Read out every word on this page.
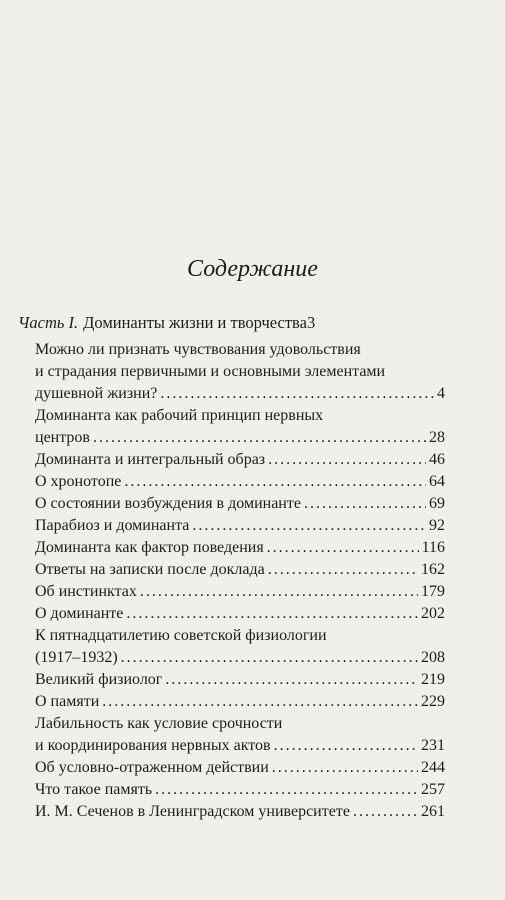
Содержание
Часть I. Доминанты жизни и творчества 3
Можно ли признать чувствования удовольствия
и страдания первичными и основными элементами
душевной жизни? . . .	4
Доминанта как рабочий принцип нервных
центров . . .	28
Доминанта и интегральный образ . . .	46
О хронотопе . . .	64
О состоянии возбуждения в доминанте . . .	69
Парабиоз и доминанта . . .	92
Доминанта как фактор поведения . . .	116
Ответы на записки после доклада . . .	162
Об инстинктах . . .	179
О доминанте . . .	202
К пятнадцатилетию советской физиологии
(1917–1932) . . .	208
Великий физиолог . . .	219
О памяти . . .	229
Лабильность как условие срочности
и координирования нервных актов . . .	231
Об условно-отраженном действии . . .	244
Что такое память . . .	257
И. М. Сеченов в Ленинградском университете . . .	261
